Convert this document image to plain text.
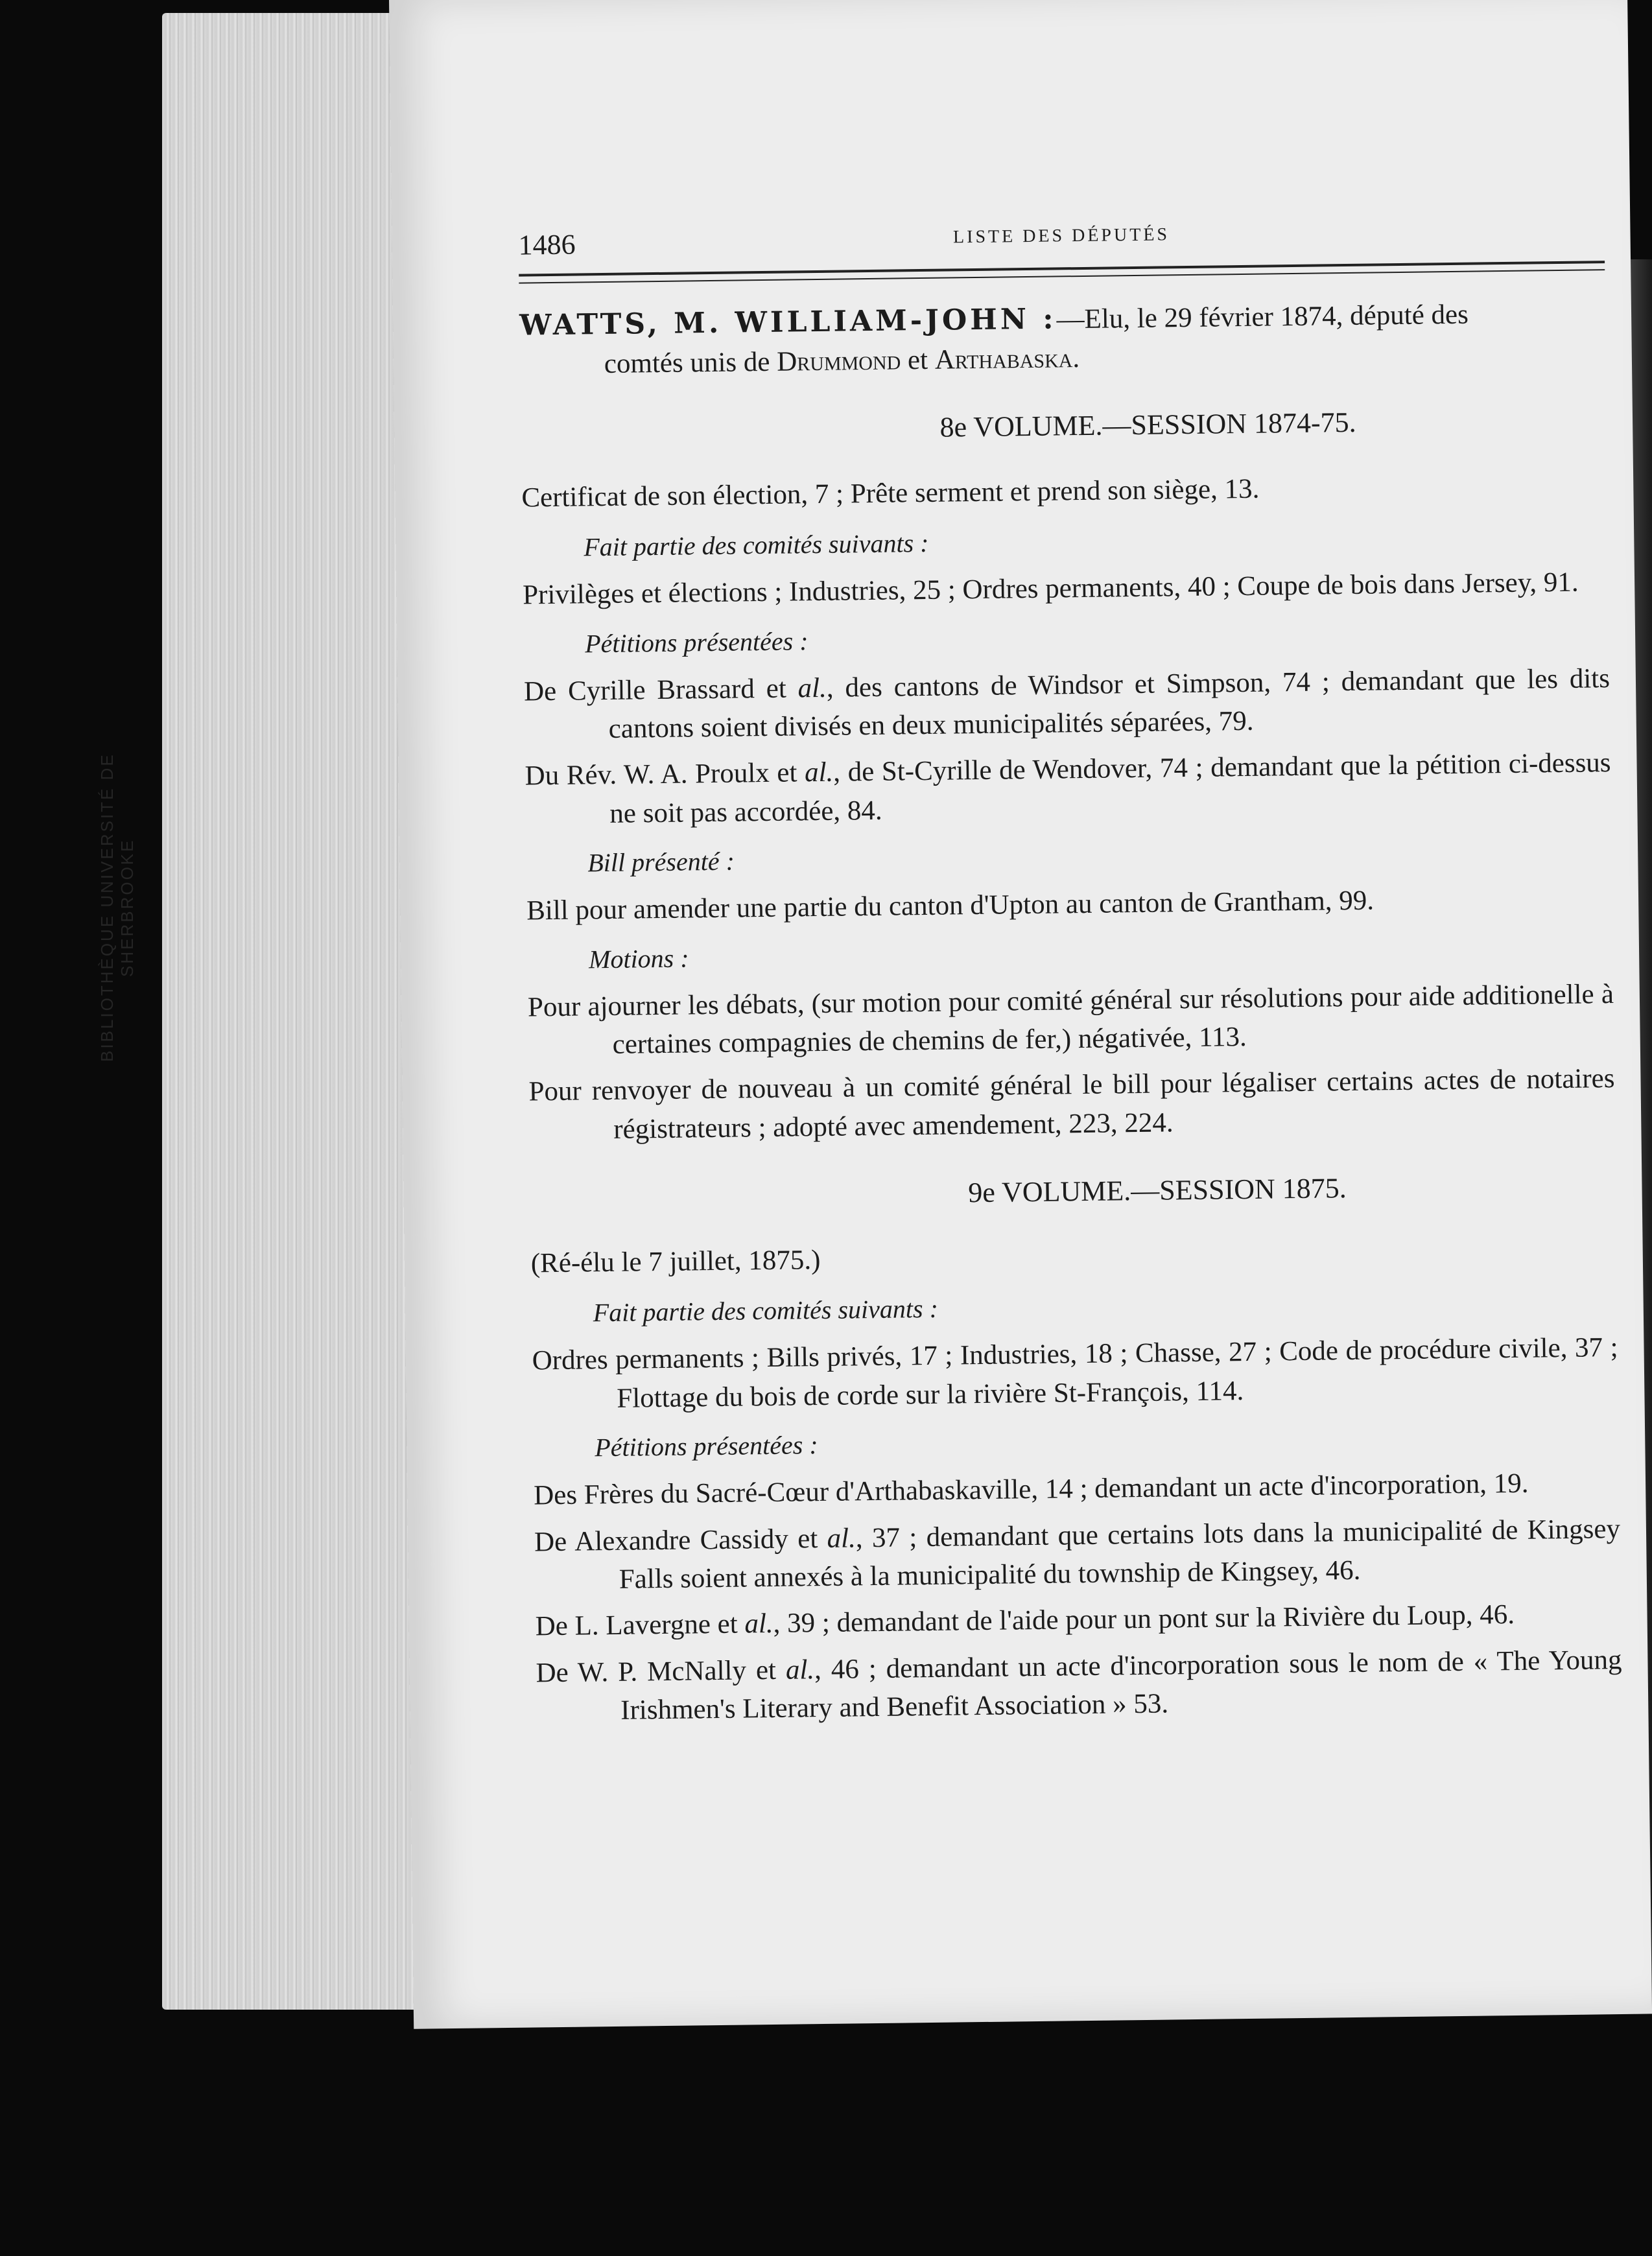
BIBLIOTHÈQUE UNIVERSITÉ DE SHERBROOKE
1486	LISTE DES DÉPUTÉS

WATTS, M. WILLIAM-JOHN :—Elu, le 29 février 1874, député des
comtés unis de Drummond et Arthabaska.

8e VOLUME.—SESSION 1874-75.

Certificat de son élection, 7 ; Prête serment et prend son siège, 13.

Fait partie des comités suivants :

Privilèges et élections ; Industries, 25 ; Ordres permanents, 40 ; Coupe de bois dans Jersey, 91.

Pétitions présentées :

De Cyrille Brassard et al., des cantons de Windsor et Simpson, 74 ; demandant que les dits cantons soient divisés en deux municipalités séparées, 79.

Du Rév. W. A. Proulx et al., de St-Cyrille de Wendover, 74 ; demandant que la pétition ci-dessus ne soit pas accordée, 84.

Bill présenté :

Bill pour amender une partie du canton d'Upton au canton de Grantham, 99.

Motions :

Pour ajourner les débats, (sur motion pour comité général sur résolutions pour aide additionelle à certaines compagnies de chemins de fer,) négativée, 113.

Pour renvoyer de nouveau à un comité général le bill pour légaliser certains actes de notaires régistrateurs ; adopté avec amendement, 223, 224.

9e VOLUME.—SESSION 1875.

(Ré-élu le 7 juillet, 1875.)

Fait partie des comités suivants :

Ordres permanents ; Bills privés, 17 ; Industries, 18 ; Chasse, 27 ; Code de procédure civile, 37 ; Flottage du bois de corde sur la rivière St-François, 114.

Pétitions présentées :

Des Frères du Sacré-Cœur d'Arthabaskaville, 14 ; demandant un acte d'incorporation, 19.

De Alexandre Cassidy et al., 37 ; demandant que certains lots dans la municipalité de Kingsey Falls soient annexés à la municipalité du township de Kingsey, 46.

De L. Lavergne et al., 39 ; demandant de l'aide pour un pont sur la Rivière du Loup, 46.

De W. P. McNally et al., 46 ; demandant un acte d'incorporation sous le nom de « The Young Irishmen's Literary and Benefit Association » 53.
